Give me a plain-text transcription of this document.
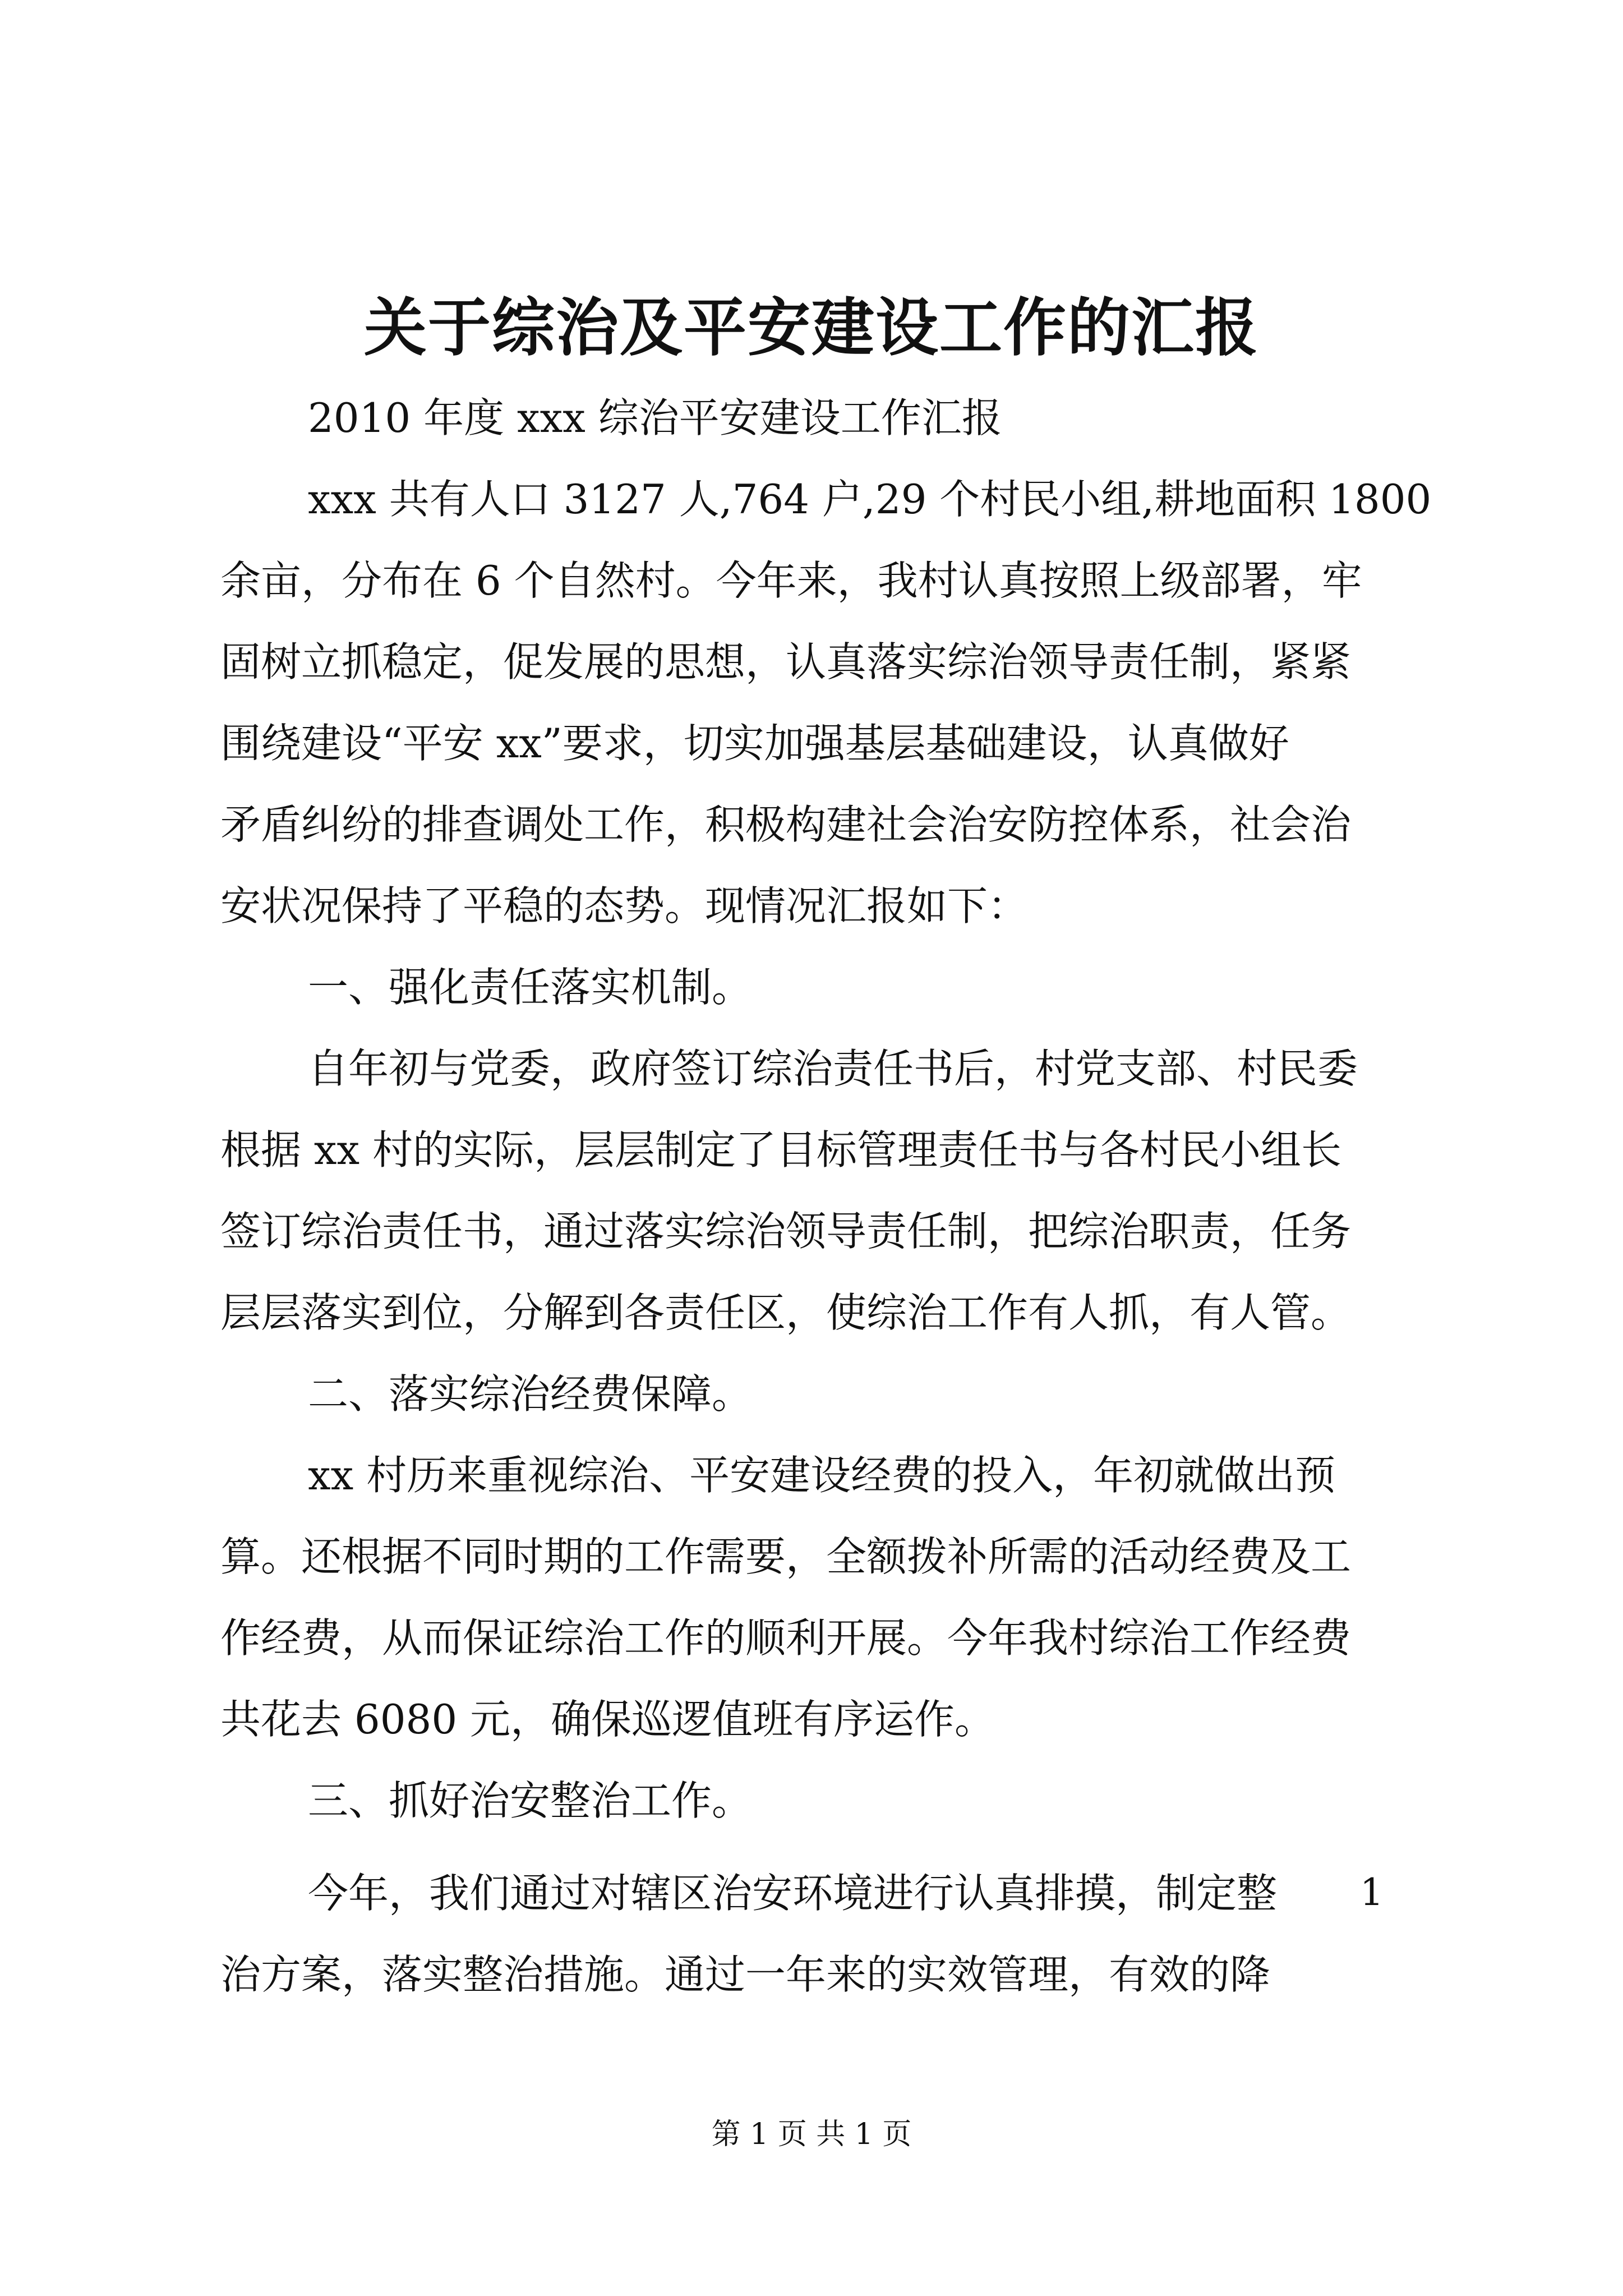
关于综治及平安建设工作的汇报

2010 年度 xxx 综治平安建设工作汇报

xxx 共有人口 3127 人,764 户,29 个村民小组,耕地面积 1800

余亩，分布在 6 个自然村。今年来，我村认真按照上级部署，牢

固树立抓稳定，促发展的思想，认真落实综治领导责任制，紧紧

围绕建设“平安 xx”要求，切实加强基层基础建设，认真做好

矛盾纠纷的排查调处工作，积极构建社会治安防控体系，社会治

安状况保持了平稳的态势。现情况汇报如下：

一、强化责任落实机制。

自年初与党委，政府签订综治责任书后，村党支部、村民委

根据 xx 村的实际，层层制定了目标管理责任书与各村民小组长

签订综治责任书，通过落实综治领导责任制，把综治职责，任务

层层落实到位，分解到各责任区，使综治工作有人抓，有人管。

二、落实综治经费保障。

xx 村历来重视综治、平安建设经费的投入，年初就做出预

算。还根据不同时期的工作需要，全额拨补所需的活动经费及工

作经费，从而保证综治工作的顺利开展。今年我村综治工作经费

共花去 6080 元，确保巡逻值班有序运作。

三、抓好治安整治工作。

今年，我们通过对辖区治安环境进行认真排摸，制定整 1

治方案，落实整治措施。通过一年来的实效管理，有效的降

第 1 页 共 1 页
